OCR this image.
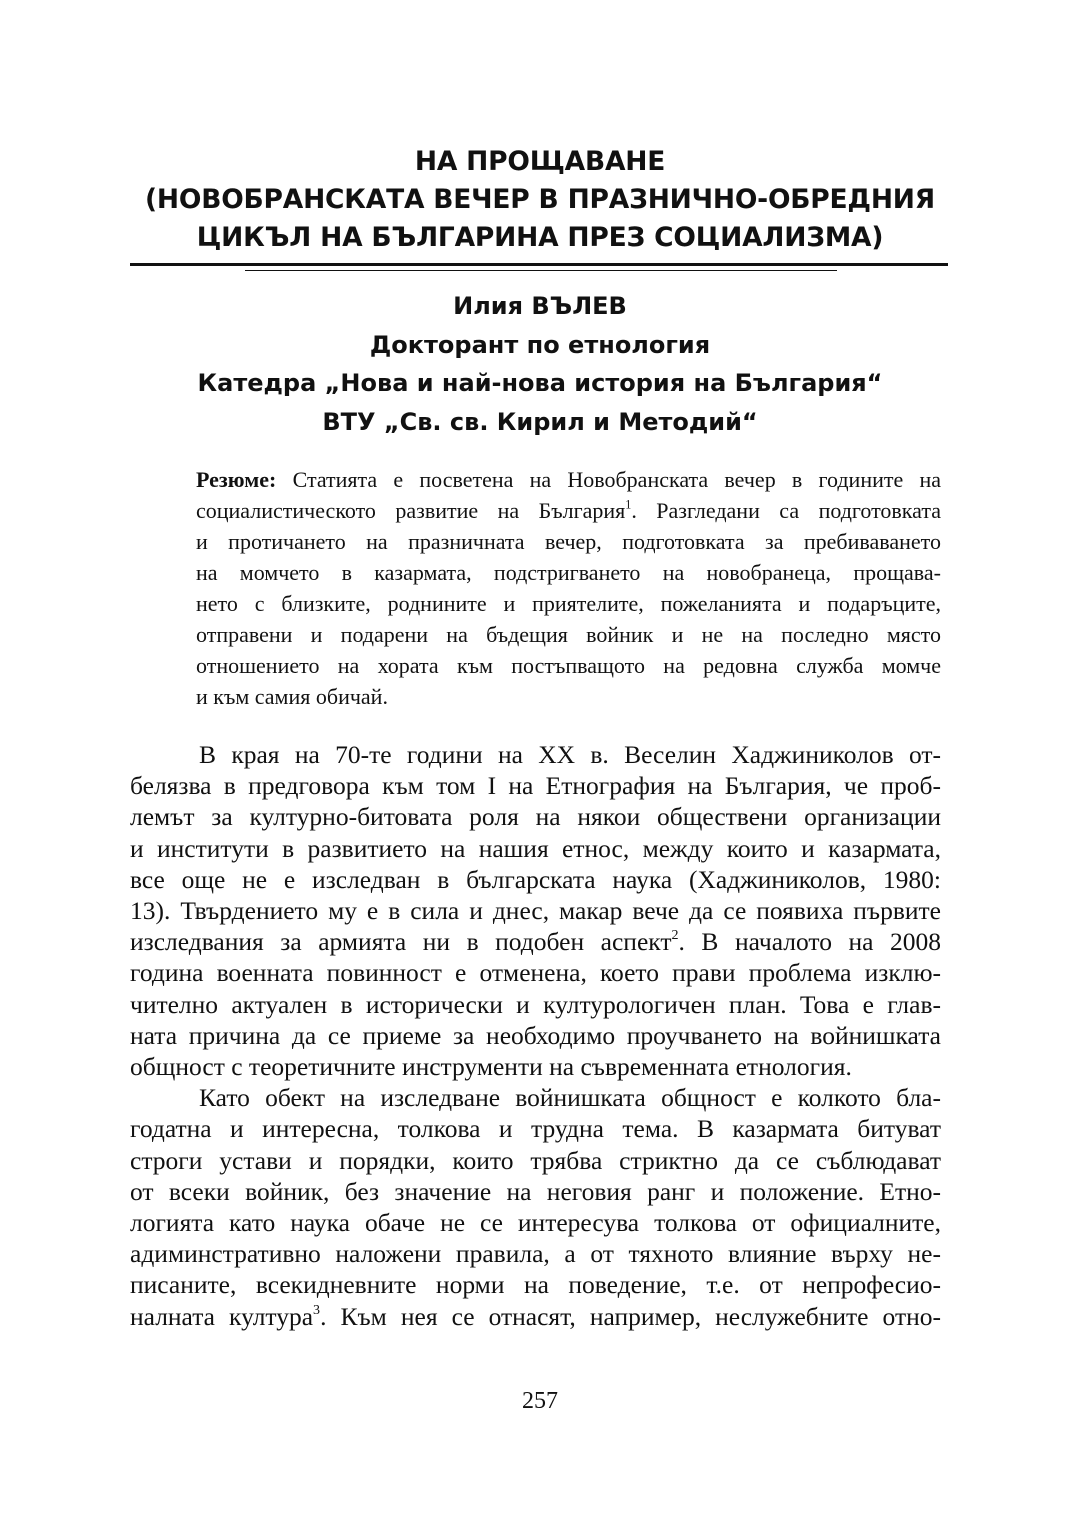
НА ПРОЩАВАНЕ
(НОВОБРАНСКАТА ВЕЧЕР В ПРАЗНИЧНО-ОБРЕДНИЯ
ЦИКЪЛ НА БЪЛГАРИНА ПРЕЗ СОЦИАЛИЗМА)
Илия ВЪЛЕВ
Докторант по етнология
Катедра „Нова и най-нова история на България“
ВТУ „Св. св. Кирил и Методий“
Резюме: Статията е посветена на Новобранската вечер в годините на
социалистическото развитие на България$^1$. Разгледани са подготовката
и протичането на празничната вечер, подготовката за пребиваването
на момчето в казармата, подстригването на новобранеца, прощава-
нето с близките, роднините и приятелите, пожеланията и подаръците,
отправени и подарени на бъдещия войник и не на последно място
отношението на хората към постъпващото на редовна служба момче
и към самия обичай.
В края на 70-те години на ХХ в. Веселин Хаджиниколов от-
белязва в предговора към том I на Етнография на България, че проб-
лемът за културно-битовата роля на някои обществени организации
и институти в развитието на нашия етнос, между които и казармата,
все още не е изследван в българската наука (Хаджиниколов, 1980:
13). Твърдението му е в сила и днес, макар вече да се появиха първите
изследвания за армията ни в подобен аспект$^2$. В началото на 2008
година военната повинност е отменена, което прави проблема изклю-
чително актуален в исторически и културологичен план. Това е глав-
ната причина да се приеме за необходимо проучването на войнишката
общност с теоретичните инструменти на съвременната етнология.
Като обект на изследване войнишката общност е колкото бла-
годатна и интересна, толкова и трудна тема. В казармата битуват
строги устави и порядки, които трябва стриктно да се съблюдават
от всеки войник, без значение на неговия ранг и положение. Етно-
логията като наука обаче не се интересува толкова от официалните,
адиминстративно наложени правила, а от тяхното влияние върху не-
писаните, всекидневните норми на поведение, т.е. от непрофесио-
налната култура$^3$. Към нея се отнасят, например, неслужебните отно-
257
